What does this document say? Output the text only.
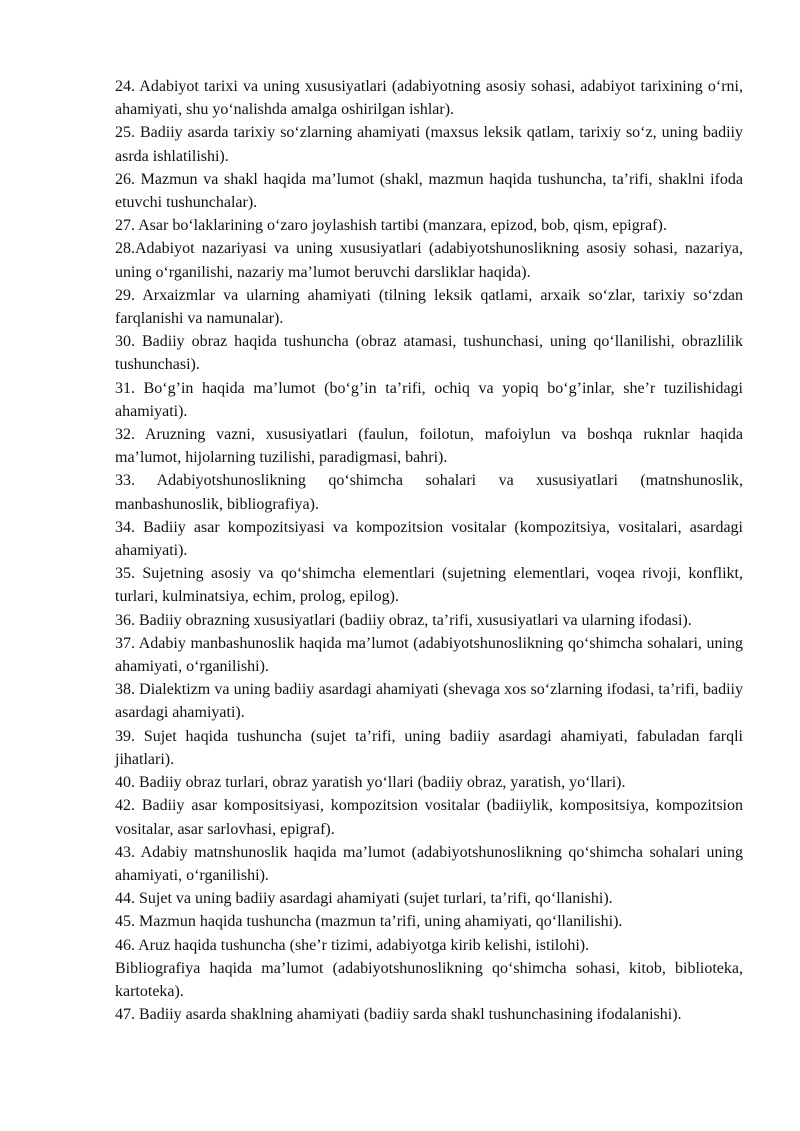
24. Adabiyot tarixi va uning xususiyatlari (adabiyotning asosiy sohasi, adabiyot tarixining o‘rni, ahamiyati, shu yo‘nalishda amalga oshirilgan ishlar).

25. Badiiy asarda tarixiy so‘zlarning ahamiyati (maxsus leksik qatlam, tarixiy so‘z, uning badiiy asrda ishlatilishi).

26. Mazmun va shakl haqida ma’lumot (shakl, mazmun haqida tushuncha, ta’rifi, shaklni ifoda etuvchi tushunchalar).

27. Asar bo‘laklarining o‘zaro joylashish tartibi (manzara, epizod, bob, qism, epigraf).

28.Adabiyot nazariyasi va uning xususiyatlari (adabiyotshunoslikning asosiy sohasi, nazariya, uning o‘rganilishi, nazariy ma’lumot beruvchi darsliklar haqida).

29. Arxaizmlar va ularning ahamiyati (tilning leksik qatlami, arxaik so‘zlar, tarixiy so‘zdan farqlanishi va namunalar).

30. Badiiy obraz haqida tushuncha (obraz atamasi, tushunchasi, uning qo‘llanilishi, obrazlilik tushunchasi).

31. Bo‘g’in haqida ma’lumot (bo‘g’in ta’rifi, ochiq va yopiq bo‘g’inlar, she’r tuzilishidagi ahamiyati).

32. Aruzning vazni, xususiyatlari (faulun, foilotun, mafoiylun va boshqa ruknlar haqida ma’lumot, hijolarning tuzilishi, paradigmasi, bahri).

33. Adabiyotshunoslikning qo‘shimcha sohalari va xususiyatlari (matnshunoslik, manbashunoslik, bibliografiya).

34. Badiiy asar kompozitsiyasi va kompozitsion vositalar (kompozitsiya, vositalari, asardagi ahamiyati).

35. Sujetning asosiy va qo‘shimcha elementlari (sujetning elementlari, voqea rivoji, konflikt, turlari, kulminatsiya, echim, prolog, epilog).

36. Badiiy obrazning xususiyatlari (badiiy obraz, ta’rifi, xususiyatlari va ularning ifodasi).

37. Adabiy manbashunoslik haqida ma’lumot (adabiyotshunoslikning qo‘shimcha sohalari, uning ahamiyati, o‘rganilishi).

38. Dialektizm va uning badiiy asardagi ahamiyati (shevaga xos so‘zlarning ifodasi, ta’rifi, badiiy asardagi ahamiyati).

39. Sujet haqida tushuncha (sujet ta’rifi, uning badiiy asardagi ahamiyati, fabuladan farqli jihatlari).

40. Badiiy obraz turlari, obraz yaratish yo‘llari (badiiy obraz, yaratish, yo‘llari).

42. Badiiy asar kompositsiyasi, kompozitsion vositalar (badiiylik, kompositsiya, kompozitsion vositalar, asar sarlovhasi, epigraf).

43. Adabiy matnshunoslik haqida ma’lumot (adabiyotshunoslikning qo‘shimcha sohalari uning ahamiyati, o‘rganilishi).

44. Sujet va uning badiiy asardagi ahamiyati (sujet turlari, ta’rifi, qo‘llanishi).

45. Mazmun haqida tushuncha (mazmun ta’rifi, uning ahamiyati, qo‘llanilishi).

46. Aruz haqida tushuncha (she’r tizimi, adabiyotga kirib kelishi, istilohi).

Bibliografiya haqida ma’lumot (adabiyotshunoslikning qo‘shimcha sohasi, kitob, biblioteka, kartoteka).

47. Badiiy asarda shaklning ahamiyati (badiiy sarda shakl tushunchasining ifodalanishi).
